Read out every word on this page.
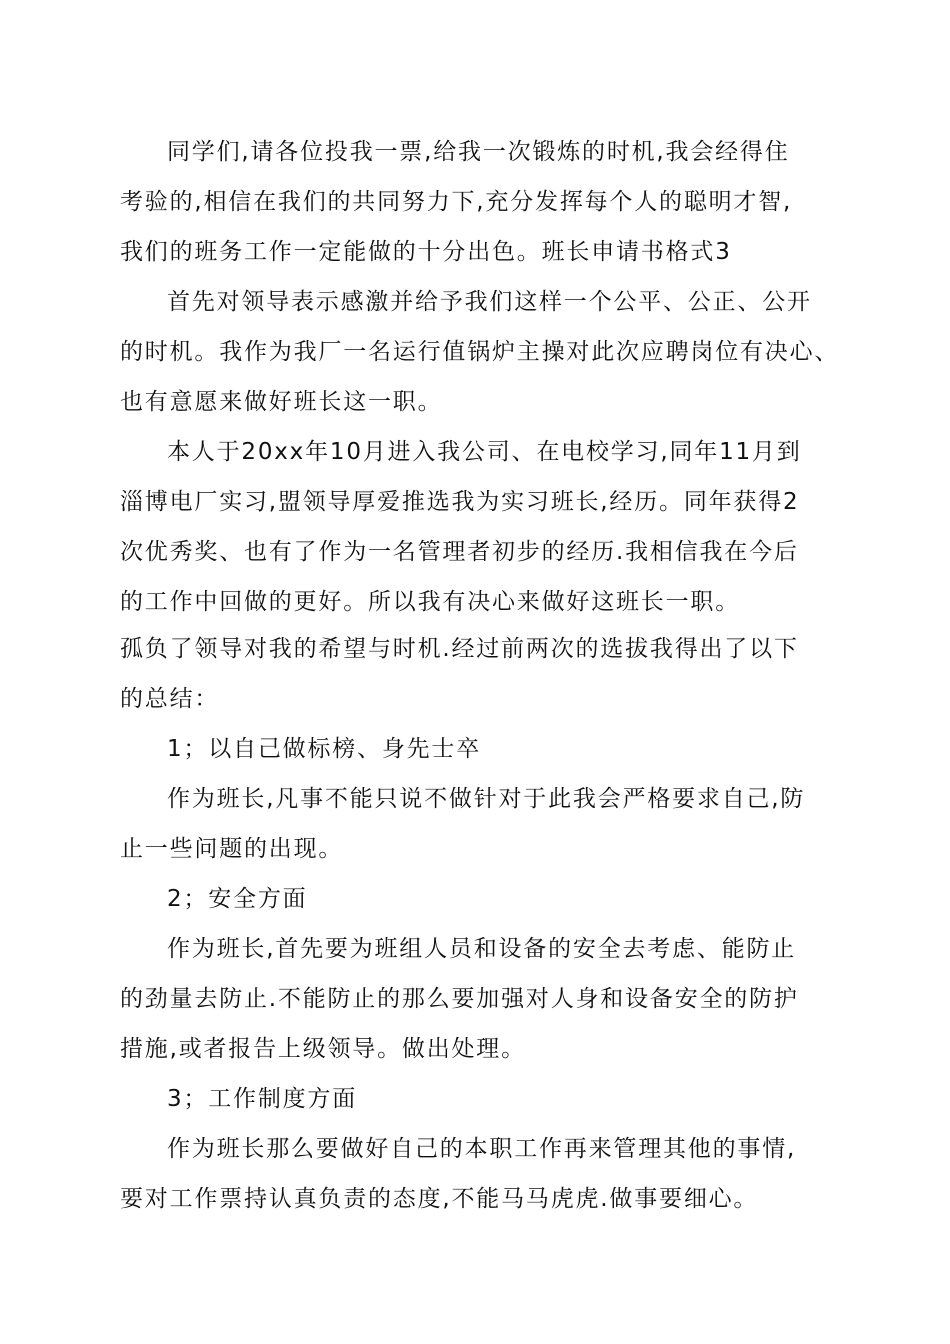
同学们,请各位投我一票,给我一次锻炼的时机,我会经得住
考验的,相信在我们的共同努力下,充分发挥每个人的聪明才智,
我们的班务工作一定能做的十分出色。班长申请书格式3
首先对领导表示感激并给予我们这样一个公平、公正、公开
的时机。我作为我厂一名运行值锅炉主操对此次应聘岗位有决心、
也有意愿来做好班长这一职。
本人于20xx年10月进入我公司、在电校学习,同年11月到
淄博电厂实习,盟领导厚爱推选我为实习班长,经历。同年获得2
次优秀奖、也有了作为一名管理者初步的经历.我相信我在今后
的工作中回做的更好。所以我有决心来做好这班长一职。
孤负了领导对我的希望与时机.经过前两次的选拔我得出了以下
的总结：
1；以自己做标榜、身先士卒
作为班长,凡事不能只说不做针对于此我会严格要求自己,防
止一些问题的出现。
2；安全方面
作为班长,首先要为班组人员和设备的安全去考虑、能防止
的劲量去防止.不能防止的那么要加强对人身和设备安全的防护
措施,或者报告上级领导。做出处理。
3；工作制度方面
作为班长那么要做好自己的本职工作再来管理其他的事情,
要对工作票持认真负责的态度,不能马马虎虎.做事要细心。
